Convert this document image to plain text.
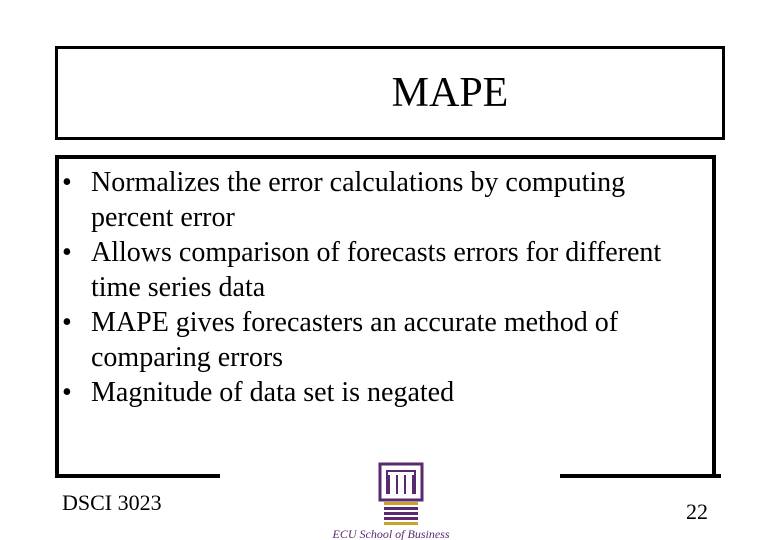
MAPE
• Normalizes the error calculations by computing percent error
• Allows comparison of forecasts errors for different time series data
• MAPE gives forecasters an accurate method of comparing errors
• Magnitude of data set is negated
DSCI 3023	22
ECU School of Business
